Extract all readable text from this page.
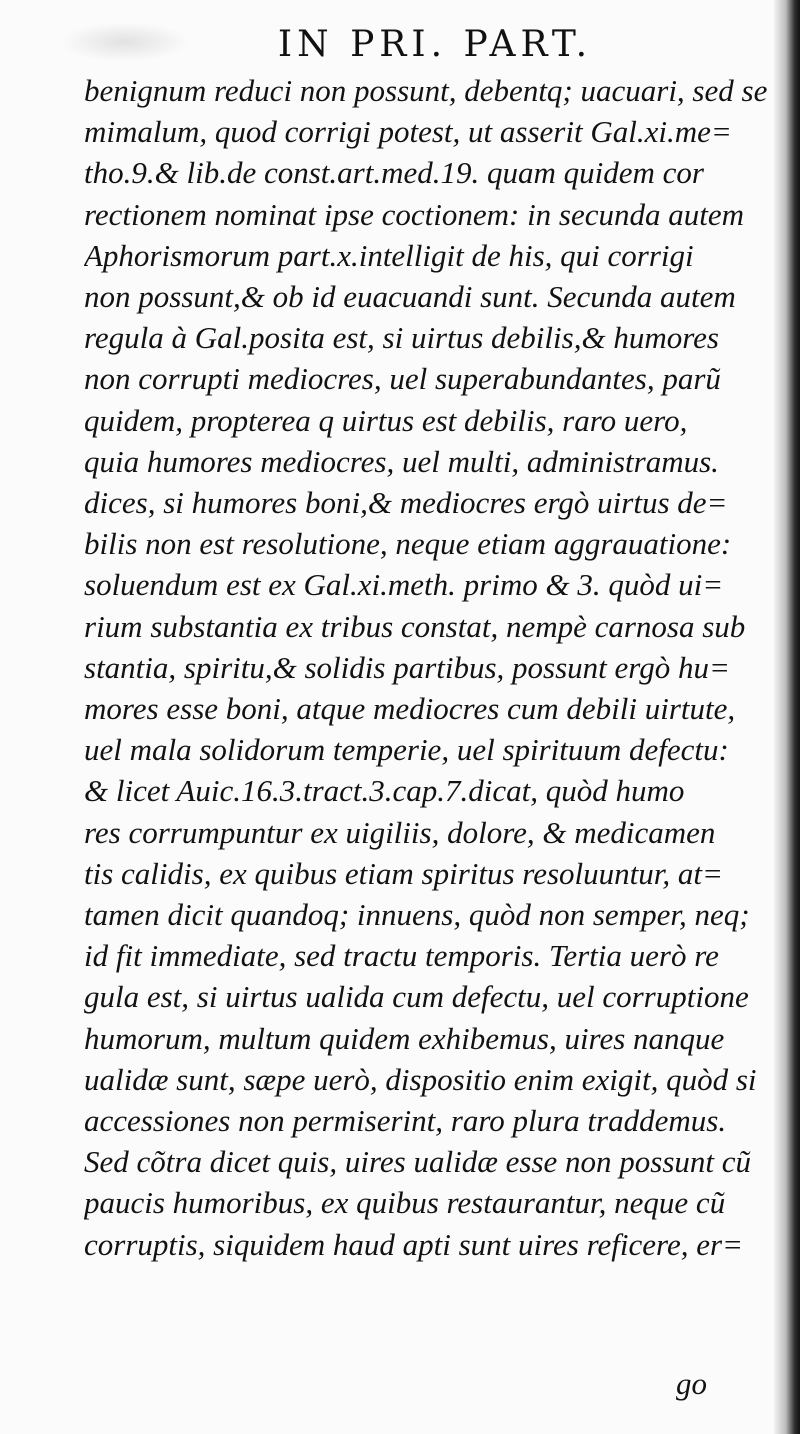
IN PRI. PART.
benignum reduci non possunt, debentq; uacuari, sed se
mimalum, quod corrigi potest, ut asserit Gal.xi.me=
tho.9.& lib.de const.art.med.19. quam quidem cor
rectionem nominat ipse coctionem: in secunda autem
Aphorismorum part.x.intelligit de his, qui corrigi
non possunt,& ob id euacuandi sunt. Secunda autem
regula à Gal.posita est, si uirtus debilis,& humores
non corrupti mediocres, uel superabundantes, parũ
quidem, propterea q uirtus est debilis, raro uero,
quia humores mediocres, uel multi, administramus.
dices, si humores boni,& mediocres ergò uirtus de=
bilis non est resolutione, neque etiam aggrauatione:
soluendum est ex Gal.xi.meth. primo & 3. quòd ui=
rium substantia ex tribus constat, nempè carnosa sub
stantia, spiritu,& solidis partibus, possunt ergò hu=
mores esse boni, atque mediocres cum debili uirtute,
uel mala solidorum temperie, uel spirituum defectu:
& licet Auic.16.3.tract.3.cap.7.dicat, quòd humo
res corrumpuntur ex uigiliis, dolore, & medicamen
tis calidis, ex quibus etiam spiritus resoluuntur, at=
tamen dicit quandoq; innuens, quòd non semper, neq;
id fit immediate, sed tractu temporis. Tertia uerò re
gula est, si uirtus ualida cum defectu, uel corruptione
humorum, multum quidem exhibemus, uires nanque
ualidæ sunt, sæpe uerò, dispositio enim exigit, quòd si
accessiones non permiserint, raro plura traddemus.
Sed cõtra dicet quis, uires ualidæ esse non possunt cũ
paucis humoribus, ex quibus restaurantur, neque cũ
corruptis, siquidem haud apti sunt uires reficere, er=
go
